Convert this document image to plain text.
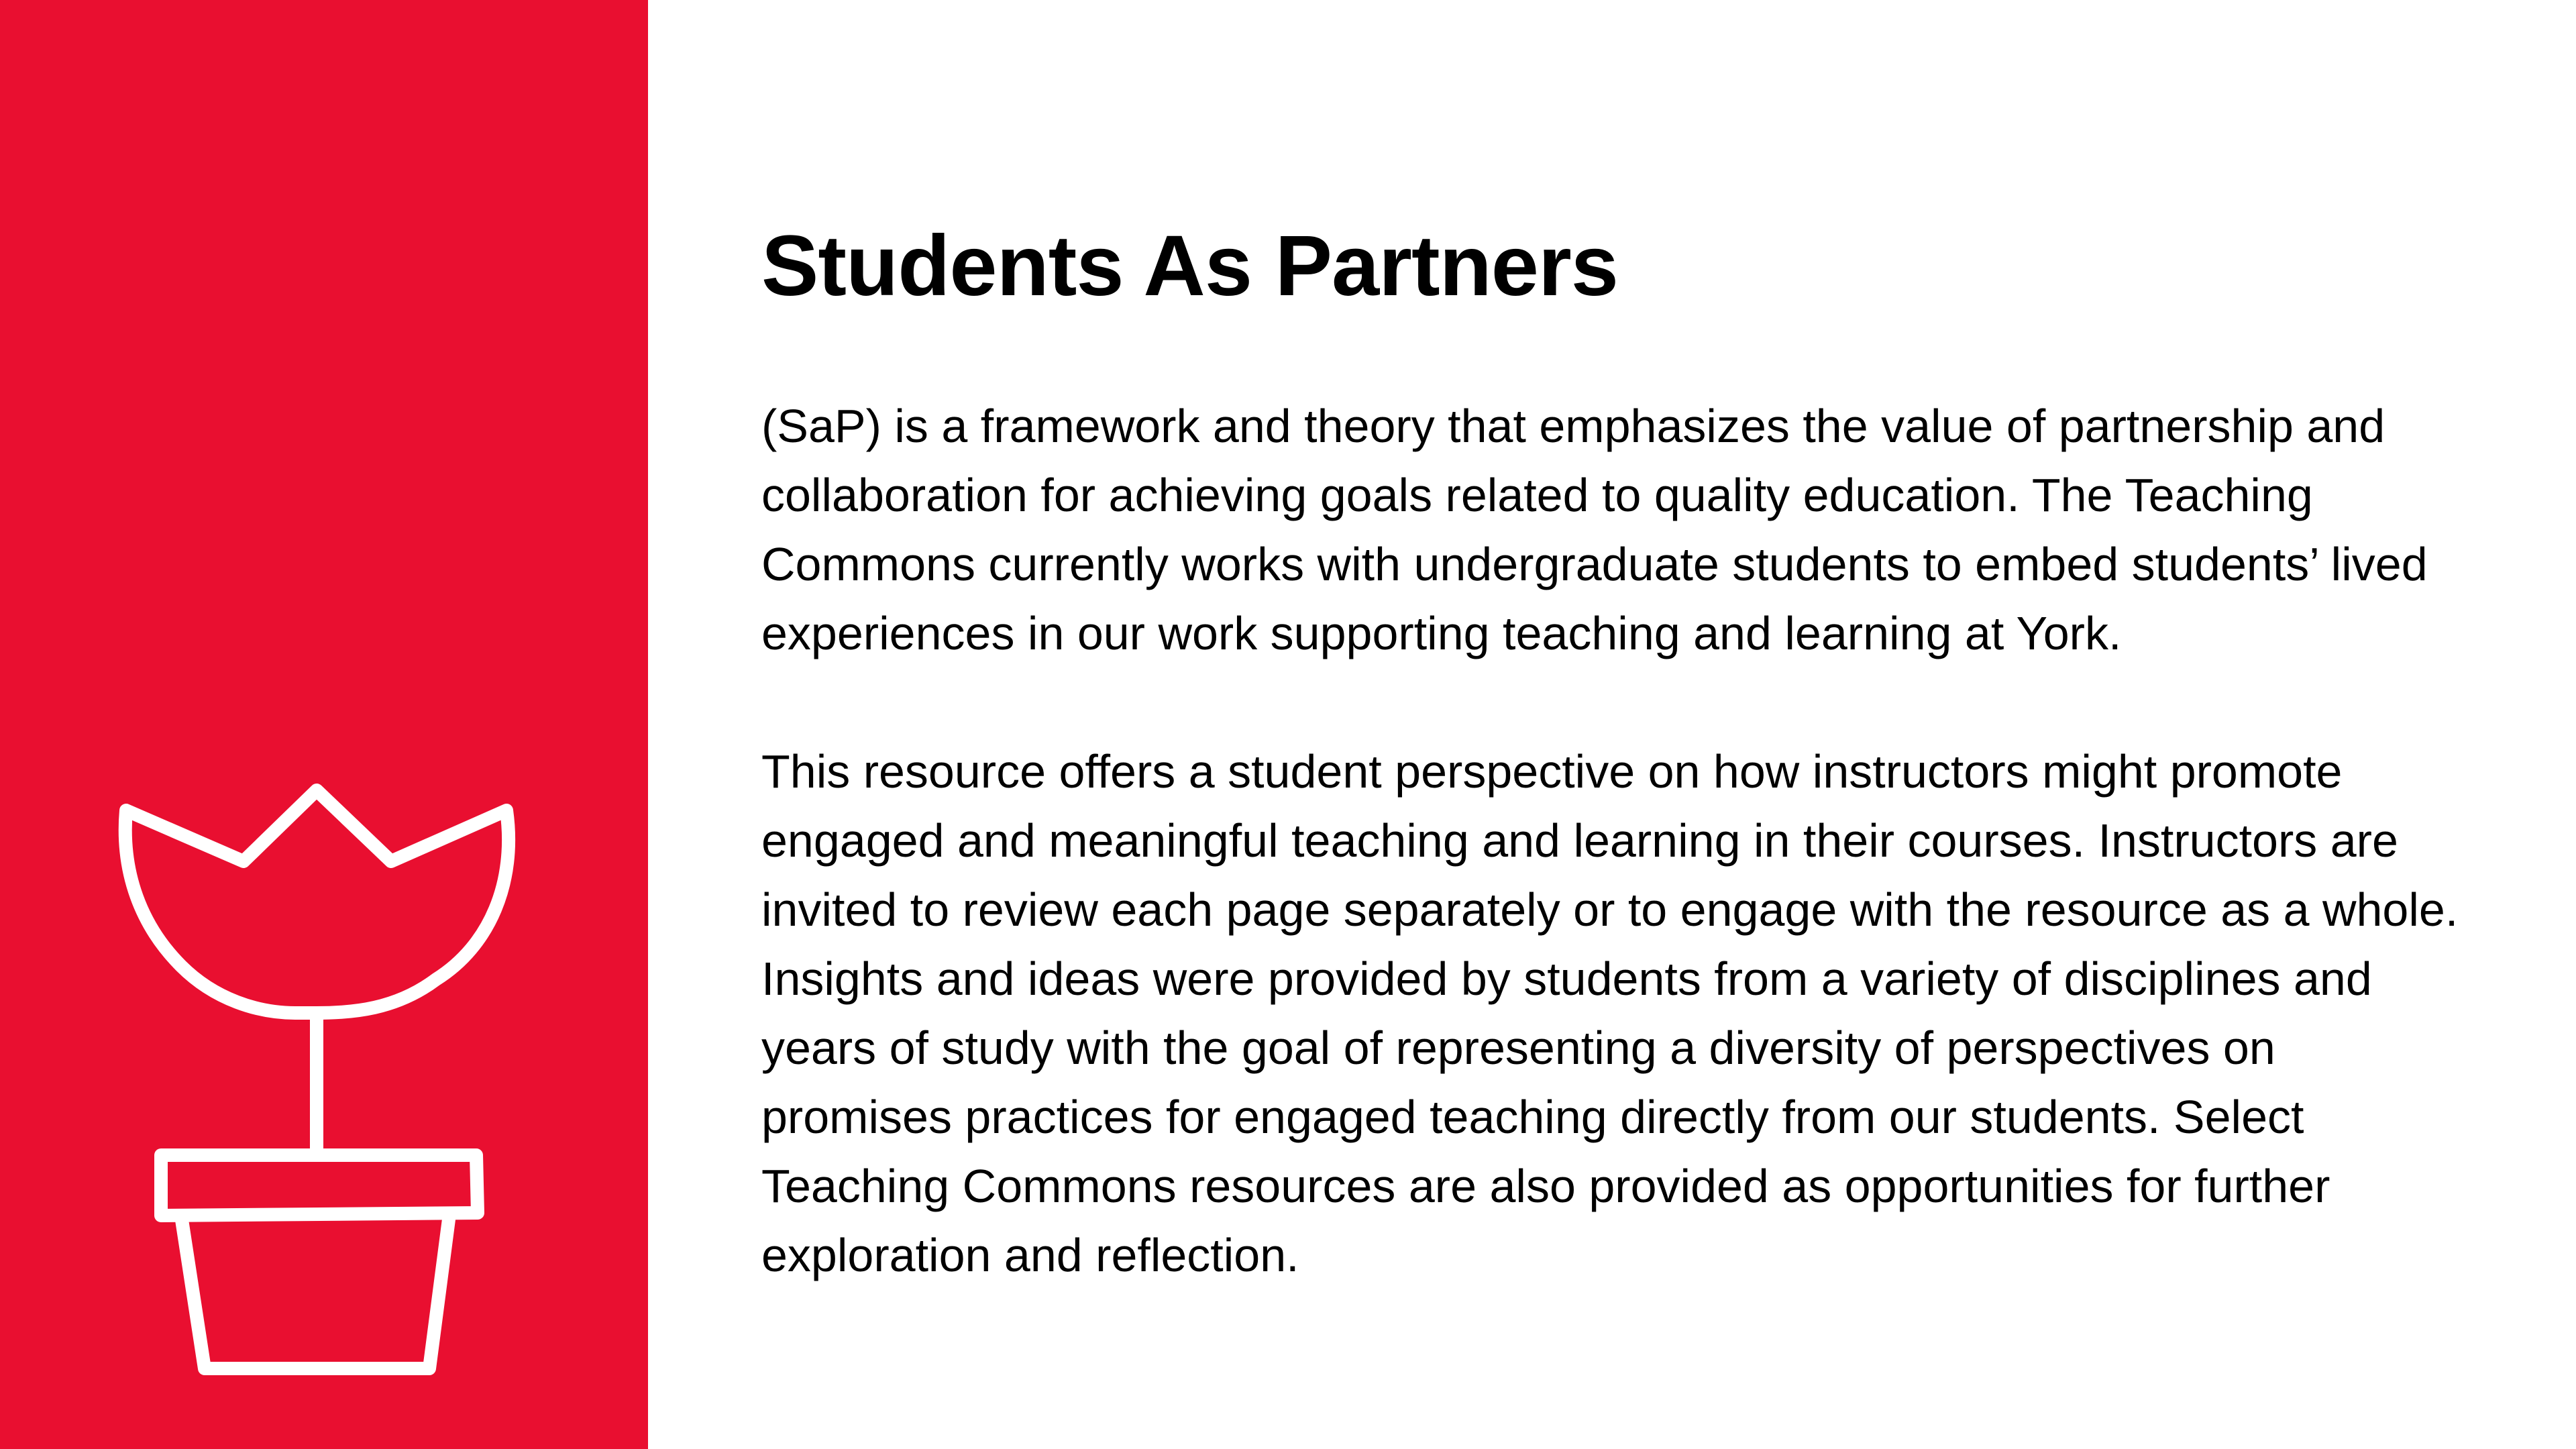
Students As Partners

(SaP) is a framework and theory that emphasizes the value of partnership and collaboration for achieving goals related to quality education. The Teaching Commons currently works with undergraduate students to embed students’ lived experiences in our work supporting teaching and learning at York.

This resource offers a student perspective on how instructors might promote engaged and meaningful teaching and learning in their courses. Instructors are invited to review each page separately or to engage with the resource as a whole. Insights and ideas were provided by students from a variety of disciplines and years of study with the goal of representing a diversity of perspectives on promises practices for engaged teaching directly from our students. Select Teaching Commons resources are also provided as opportunities for further exploration and reflection.
